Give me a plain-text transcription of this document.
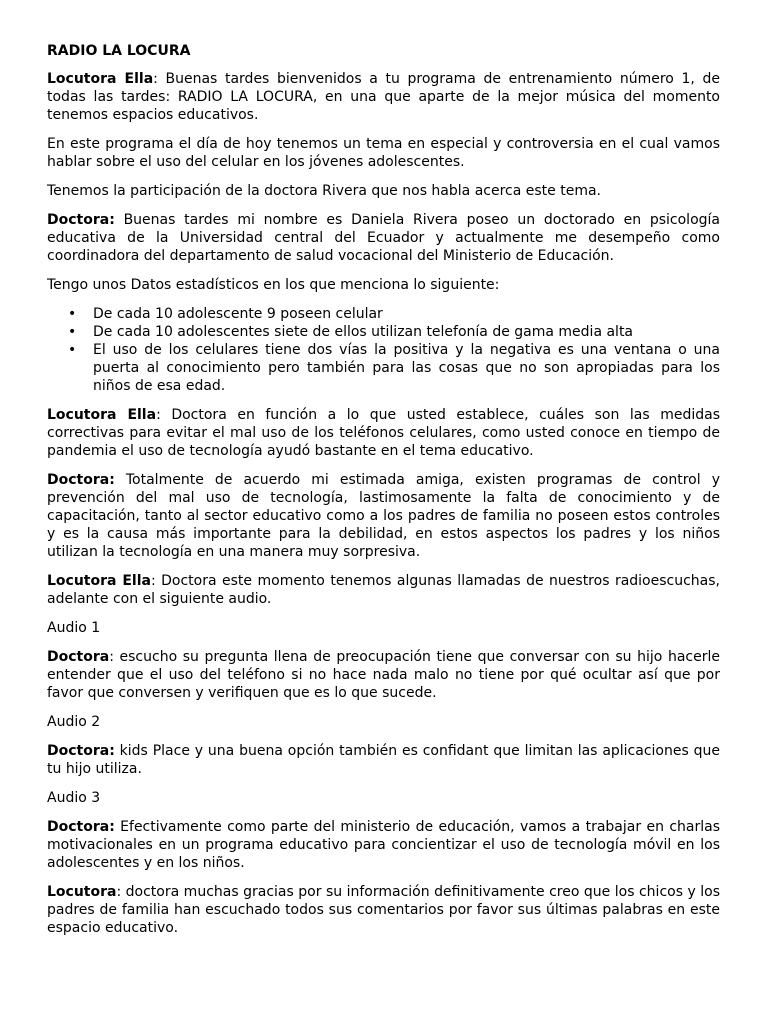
RADIO LA LOCURA

Locutora Ella: Buenas tardes bienvenidos a tu programa de entrenamiento número 1, de todas las tardes: RADIO LA LOCURA, en una que aparte de la mejor música del momento tenemos espacios educativos.

En este programa el día de hoy tenemos un tema en especial y controversia en el cual vamos hablar sobre el uso del celular en los jóvenes adolescentes.

Tenemos la participación de la doctora Rivera que nos habla acerca este tema.

Doctora: Buenas tardes mi nombre es Daniela Rivera poseo un doctorado en psicología educativa de la Universidad central del Ecuador y actualmente me desempeño como coordinadora del departamento de salud vocacional del Ministerio de Educación.

Tengo unos Datos estadísticos en los que menciona lo siguiente:

• De cada 10 adolescente 9 poseen celular
• De cada 10 adolescentes siete de ellos utilizan telefonía de gama media alta
• El uso de los celulares tiene dos vías la positiva y la negativa es una ventana o una puerta al conocimiento pero también para las cosas que no son apropiadas para los niños de esa edad.

Locutora Ella: Doctora en función a lo que usted establece, cuáles son las medidas correctivas para evitar el mal uso de los teléfonos celulares, como usted conoce en tiempo de pandemia el uso de tecnología ayudó bastante en el tema educativo.

Doctora: Totalmente de acuerdo mi estimada amiga, existen programas de control y prevención del mal uso de tecnología, lastimosamente la falta de conocimiento y de capacitación, tanto al sector educativo como a los padres de familia no poseen estos controles y es la causa más importante para la debilidad, en estos aspectos los padres y los niños utilizan la tecnología en una manera muy sorpresiva.

Locutora Ella: Doctora este momento tenemos algunas llamadas de nuestros radioescuchas, adelante con el siguiente audio.

Audio 1

Doctora: escucho su pregunta llena de preocupación tiene que conversar con su hijo hacerle entender que el uso del teléfono si no hace nada malo no tiene por qué ocultar así que por favor que conversen y verifiquen que es lo que sucede.

Audio 2

Doctora: kids Place y una buena opción también es confidant que limitan las aplicaciones que tu hijo utiliza.

Audio 3

Doctora: Efectivamente como parte del ministerio de educación, vamos a trabajar en charlas motivacionales en un programa educativo para concientizar el uso de tecnología móvil en los adolescentes y en los niños.

Locutora: doctora muchas gracias por su información definitivamente creo que los chicos y los padres de familia han escuchado todos sus comentarios por favor sus últimas palabras en este espacio educativo.
